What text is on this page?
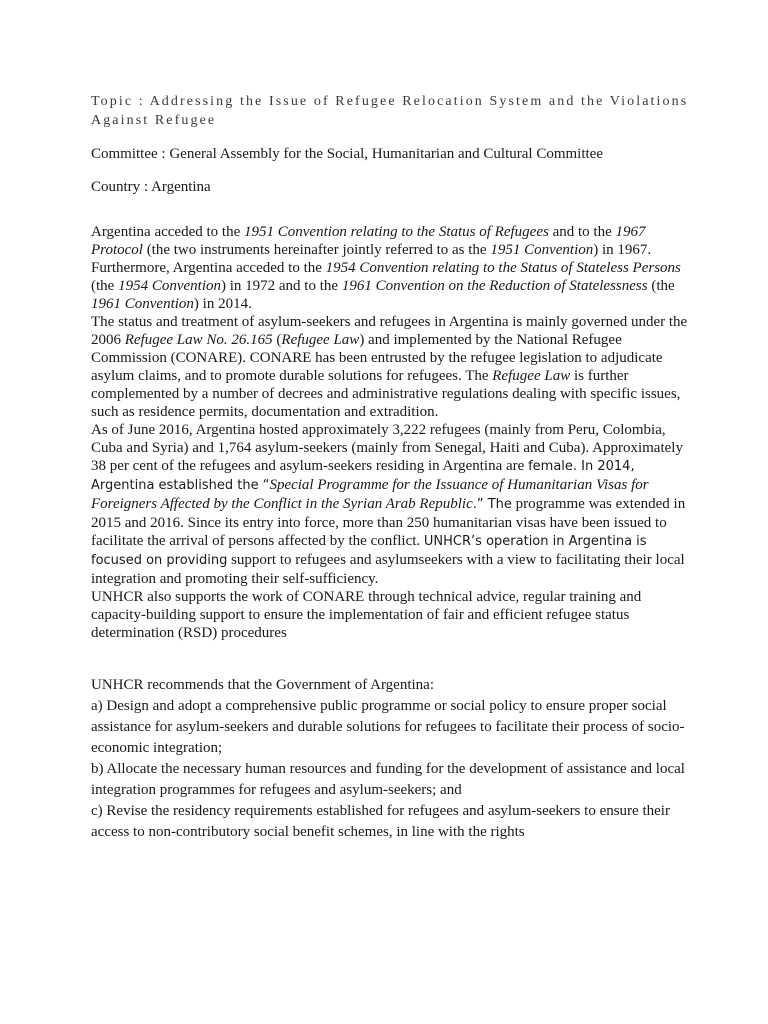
Topic : Addressing the Issue of Refugee Relocation System and the Violations Against Refugee

Committee : General Assembly for the Social, Humanitarian and Cultural Committee

Country : Argentina

Argentina acceded to the 1951 Convention relating to the Status of Refugees and to the 1967 Protocol (the two instruments hereinafter jointly referred to as the 1951 Convention) in 1967. Furthermore, Argentina acceded to the 1954 Convention relating to the Status of Stateless Persons (the 1954 Convention) in 1972 and to the 1961 Convention on the Reduction of Statelessness (the 1961 Convention) in 2014.

The status and treatment of asylum-seekers and refugees in Argentina is mainly governed under the 2006 Refugee Law No. 26.165 (Refugee Law) and implemented by the National Refugee Commission (CONARE). CONARE has been entrusted by the refugee legislation to adjudicate asylum claims, and to promote durable solutions for refugees. The Refugee Law is further complemented by a number of decrees and administrative regulations dealing with specific issues, such as residence permits, documentation and extradition.

As of June 2016, Argentina hosted approximately 3,222 refugees (mainly from Peru, Colombia, Cuba and Syria) and 1,764 asylum-seekers (mainly from Senegal, Haiti and Cuba). Approximately 38 per cent of the refugees and asylum-seekers residing in Argentina are female. In 2014, Argentina established the “Special Programme for the Issuance of Humanitarian Visas for Foreigners Affected by the Conflict in the Syrian Arab Republic.” The programme was extended in 2015 and 2016. Since its entry into force, more than 250 humanitarian visas have been issued to facilitate the arrival of persons affected by the conflict. UNHCR’s operation in Argentina is focused on providing support to refugees and asylumseekers with a view to facilitating their local integration and promoting their self-sufficiency.

UNHCR also supports the work of CONARE through technical advice, regular training and capacity-building support to ensure the implementation of fair and efficient refugee status determination (RSD) procedures

UNHCR recommends that the Government of Argentina:

a) Design and adopt a comprehensive public programme or social policy to ensure proper social assistance for asylum-seekers and durable solutions for refugees to facilitate their process of socio-economic integration;

b) Allocate the necessary human resources and funding for the development of assistance and local integration programmes for refugees and asylum-seekers; and

c) Revise the residency requirements established for refugees and asylum-seekers to ensure their access to non-contributory social benefit schemes, in line with the rights
